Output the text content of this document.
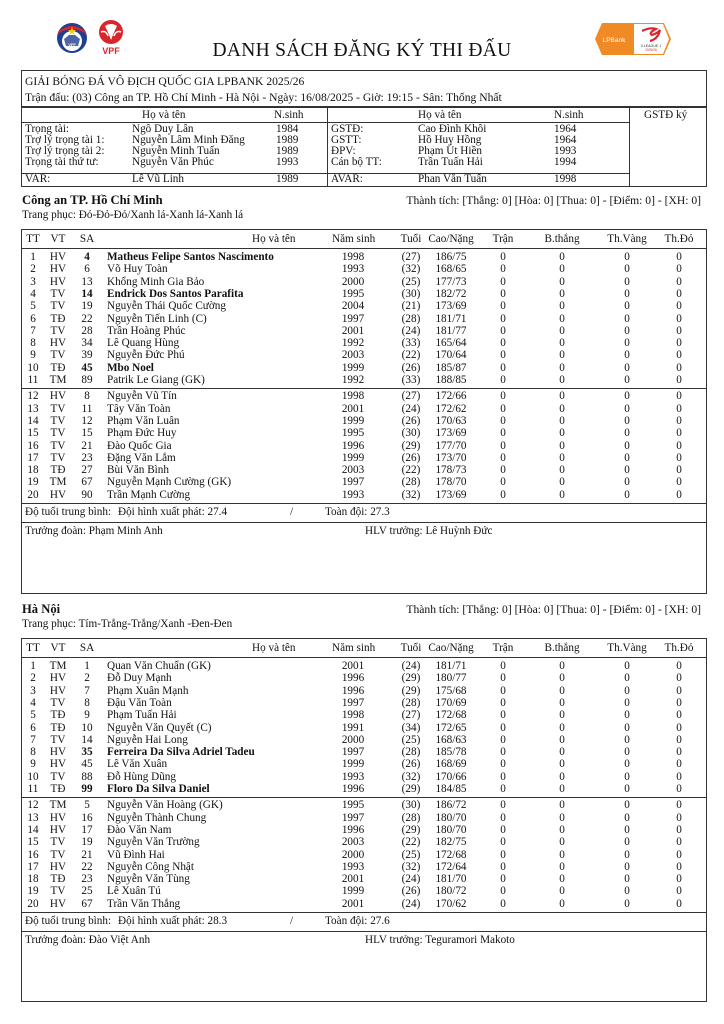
VFF
VPF	DANH SÁCH ĐĂNG KÝ THI ĐẤU	LPBank
V.LEAGUE 1
2025/26
GIẢI BÓNG ĐÁ VÔ ĐỊCH QUỐC GIA LPBANK 2025/26
Trận đấu: (03) Công an TP. Hồ Chí Minh - Hà Nội - Ngày: 16/08/2025 - Giờ: 19:15 - Sân: Thống Nhất
Họ và tên	N.sinh
Trọng tài:	Ngô Duy Lân	1984
Trợ lý trọng tài 1: Nguyễn Lâm Minh Đăng	1989
Trợ lý trọng tài 2: Nguyễn Minh Tuấn	1989
Trọng tài thứ tư:	Nguyễn Văn Phúc	1993
VAR:	Lê Vũ Linh	1989
Họ và tên	N.sinh
GSTĐ:	Cao Đình Khôi	1964
GSTT:	Hồ Huy Hồng	1964
ĐPV:	Phạm Út Hiền	1993
Cán bộ TT:	Trần Tuấn Hải	1994
AVAR:	Phan Văn Tuấn	1998
GSTĐ ký
Công an TP. Hồ Chí Minh
Trang phục: Đỏ-Đỏ-Đỏ/Xanh lá-Xanh lá-Xanh lá
Thành tích: [Thắng: 0] [Hòa: 0] [Thua: 0] - [Điểm: 0] - [XH: 0]
TT VT	SA	Họ và tên	Năm sinh	Tuổi Cao/Nặng	Trận	B.thắng	Th.Vàng	Th.Đỏ
1	HV	4	Matheus Felipe Santos Nascimento	1998	(27)	186/75	0	0	0	0
2	HV	6	Võ Huy Toàn	1993	(32)	168/65	0	0	0	0
3	HV	13	Khổng Minh Gia Bảo	2000	(25)	177/73	0	0	0	0
4	TV	14	Endrick Dos Santos Parafita	1995	(30)	182/72	0	0	0	0
5	TV	19	Nguyễn Thái Quốc Cường	2004	(21)	173/69	0	0	0	0
6	TĐ	22	Nguyễn Tiến Linh (C)	1997	(28)	181/71	0	0	0	0
7	TV	28	Trần Hoàng Phúc	2001	(24)	181/77	0	0	0	0
8	HV	34	Lê Quang Hùng	1992	(33)	165/64	0	0	0	0
9	TV	39	Nguyễn Đức Phú	2003	(22)	170/64	0	0	0	0
10	TĐ	45	Mbo Noel	1999	(26)	185/87	0	0	0	0
11	TM	89	Patrik Le Giang (GK)	1992	(33)	188/85	0	0	0	0
12	HV	8	Nguyễn Vũ Tín	1998	(27)	172/66	0	0	0	0
13	TV	11	Tây Văn Toàn	2001	(24)	172/62	0	0	0	0
14	TV	12	Phạm Văn Luân	1999	(26)	170/63	0	0	0	0
15	TV	15	Phạm Đức Huy	1995	(30)	173/69	0	0	0	0
16	TV	21	Đào Quốc Gia	1996	(29)	177/70	0	0	0	0
17	TV	23	Đặng Văn Lắm	1999	(26)	173/70	0	0	0	0
18	TĐ	27	Bùi Văn Bình	2003	(22)	178/73	0	0	0	0
19 TM	67	Nguyễn Mạnh Cường (GK)	1997	(28)	178/70	0	0	0	0
20	HV	90	Trần Mạnh Cường	1993	(32)	173/69	0	0	0	0
Độ tuổi trung bình: Đội hình xuất phát: 27.4	/	Toàn đội: 27.3
Trưởng đoàn: Phạm Minh Anh	HLV trưởng: Lê Huỳnh Đức
Hà Nội
Trang phục: Tím-Trắng-Trắng/Xanh -Đen-Đen
Thành tích: [Thắng: 0] [Hòa: 0] [Thua: 0] - [Điểm: 0] - [XH: 0]
TT VT	SA	Họ và tên	Năm sinh	Tuổi Cao/Nặng	Trận	B.thắng	Th.Vàng	Th.Đỏ
1	TM	1	Quan Văn Chuẩn (GK)	2001	(24)	181/71	0	0	0	0
2	HV	2	Đỗ Duy Mạnh	1996	(29)	180/77	0	0	0	0
3	HV	7	Phạm Xuân Mạnh	1996	(29)	175/68	0	0	0	0
4	TV	8	Đậu Văn Toàn	1997	(28)	170/69	0	0	0	0
5	TĐ	9	Phạm Tuấn Hải	1998	(27)	172/68	0	0	0	0
6	TĐ	10	Nguyễn Văn Quyết (C)	1991	(34)	172/65	0	0	0	0
7	TV	14	Nguyễn Hai Long	2000	(25)	168/63	0	0	0	0
8	HV	35	Ferreira Da Silva Adriel Tadeu	1997	(28)	185/78	0	0	0	0
9	HV	45	Lê Văn Xuân	1999	(26)	168/69	0	0	0	0
10	TV	88	Đỗ Hùng Dũng	1993	(32)	170/66	0	0	0	0
11	TĐ	99	Floro Da Silva Daniel	1996	(29)	184/85	0	0	0	0
12 TM	5	Nguyễn Văn Hoàng (GK)	1995	(30)	186/72	0	0	0	0
13	HV	16	Nguyễn Thành Chung	1997	(28)	180/70	0	0	0	0
14	HV	17	Đào Văn Nam	1996	(29)	180/70	0	0	0	0
15	TV	19	Nguyễn Văn Trường	2003	(22)	182/75	0	0	0	0
16	TV	21	Vũ Đình Hai	2000	(25)	172/68	0	0	0	0
17	HV	22	Nguyễn Công Nhật	1993	(32)	172/64	0	0	0	0
18	TĐ	23	Nguyễn Văn Tùng	2001	(24)	181/70	0	0	0	0
19	TV	25	Lê Xuân Tú	1999	(26)	180/72	0	0	0	0
20	HV	67	Trần Văn Thắng	2001	(24)	170/62	0	0	0	0
Độ tuổi trung bình: Đội hình xuất phát: 28.3	/	Toàn đội: 27.6
Trưởng đoàn: Đào Việt Anh	HLV trưởng: Teguramori Makoto
